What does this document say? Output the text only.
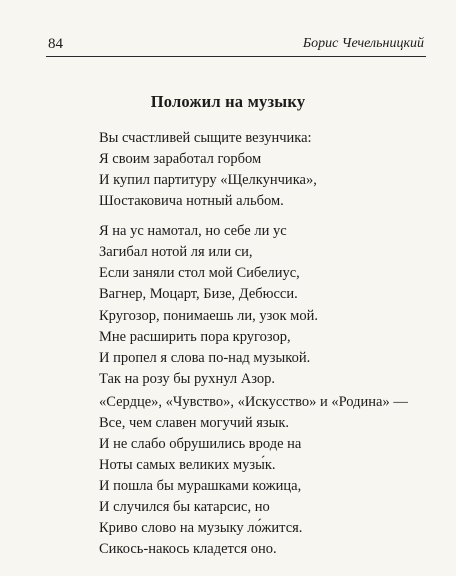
84	Борис Чечельницкий
Положил на музыку
Вы счастливей сыщите везунчика:
Я своим заработал горбом
И купил партитуру «Щелкунчика»,
Шостаковича нотный альбом.
Я на ус намотал, но себе ли ус
Загибал нотой ля или си,
Если заняли стол мой Сибелиус,
Вагнер, Моцарт, Бизе, Дебюсси.
Кругозор, понимаешь ли, узок мой.
Мне расширить пора кругозор,
И пропел я слова по-над музыкой.
Так на розу бы рухнул Азор.
«Сердце», «Чувство», «Искусство» и «Родина» —
Все, чем славен могучий язык.
И не слабо обрушились вроде на
Ноты самых великих музы́к.
И пошла бы мурашками кожица,
И случился бы катарсис, но
Криво слово на музыку ло́жится.
Сикось-накось кладется оно.
